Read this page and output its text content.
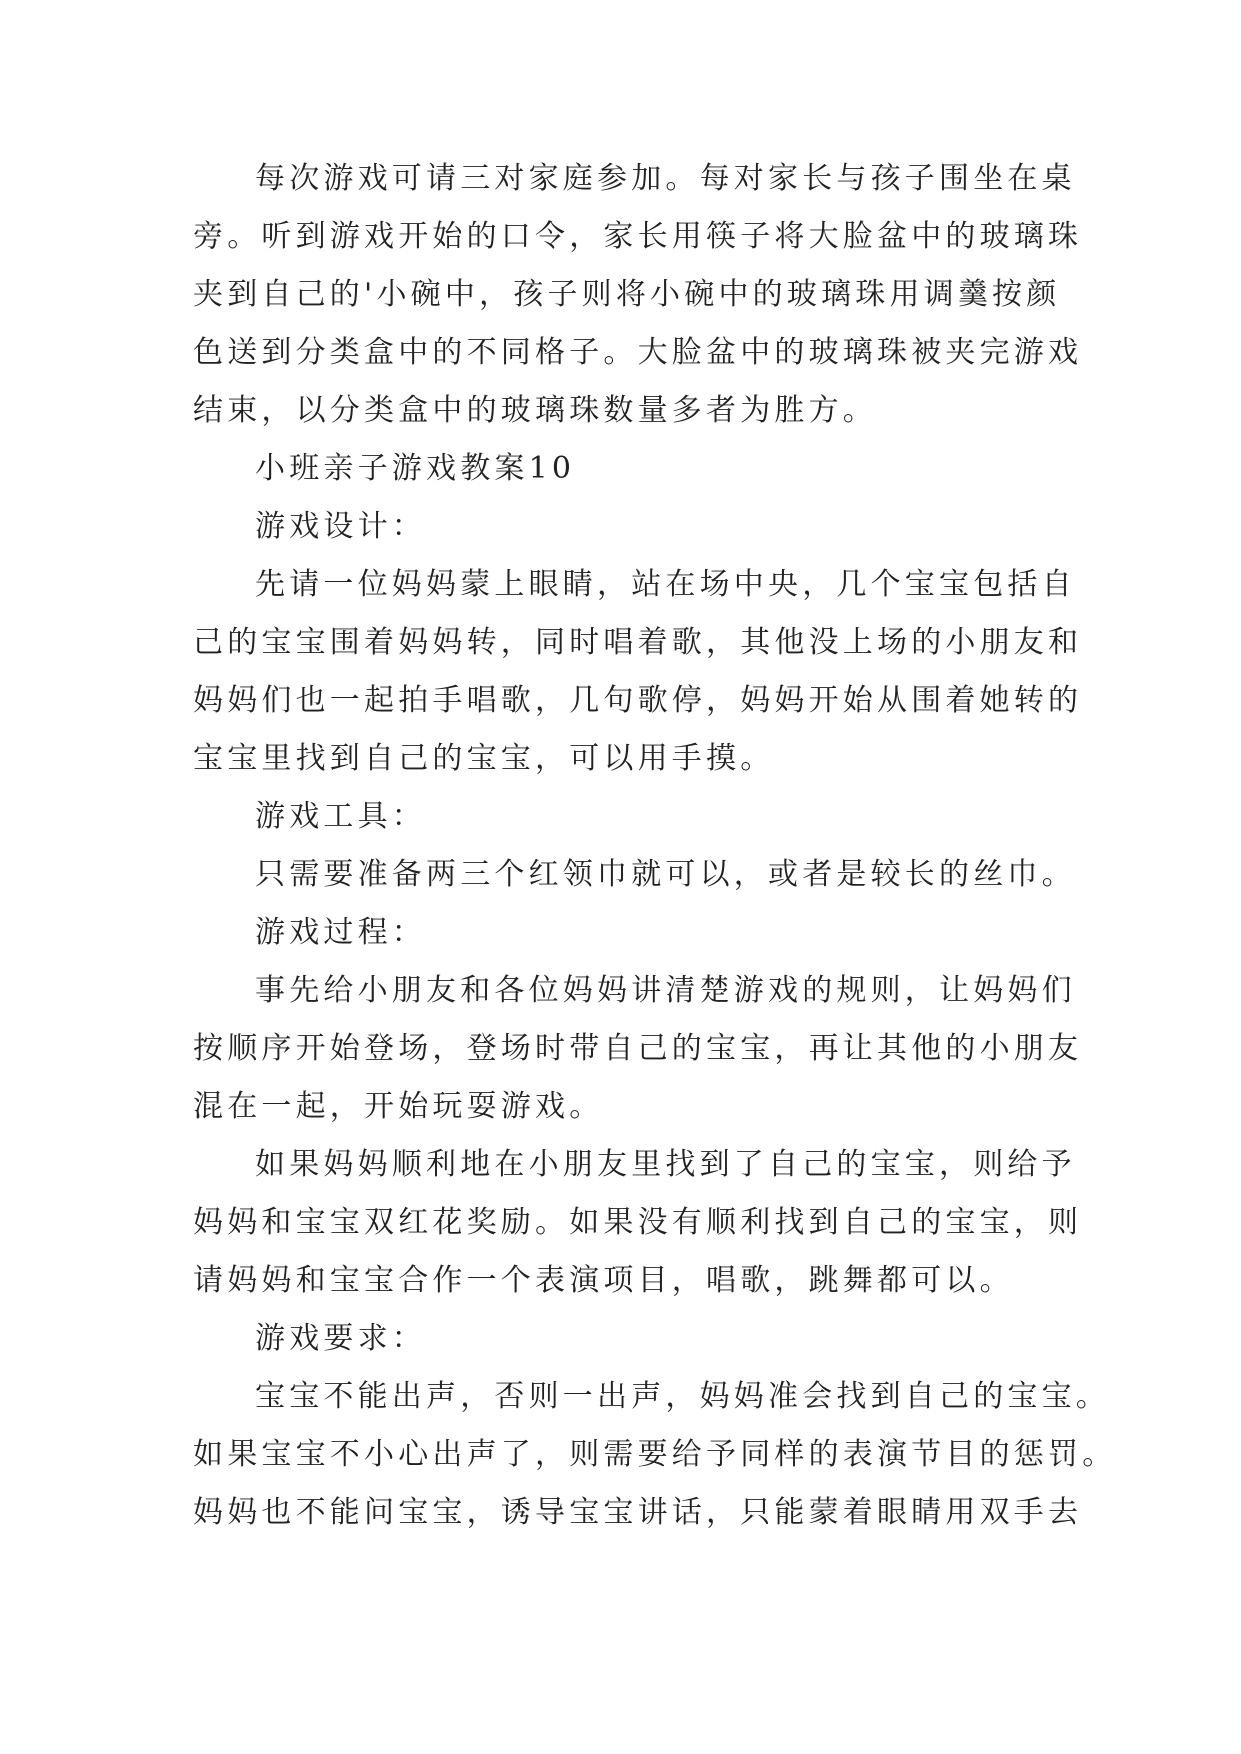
每次游戏可请三对家庭参加。每对家长与孩子围坐在桌
旁。听到游戏开始的口令，家长用筷子将大脸盆中的玻璃珠
夹到自己的'小碗中，孩子则将小碗中的玻璃珠用调羹按颜
色送到分类盒中的不同格子。大脸盆中的玻璃珠被夹完游戏
结束，以分类盒中的玻璃珠数量多者为胜方。
小班亲子游戏教案10
游戏设计：
先请一位妈妈蒙上眼睛，站在场中央，几个宝宝包括自
己的宝宝围着妈妈转，同时唱着歌，其他没上场的小朋友和
妈妈们也一起拍手唱歌，几句歌停，妈妈开始从围着她转的
宝宝里找到自己的宝宝，可以用手摸。
游戏工具：
只需要准备两三个红领巾就可以，或者是较长的丝巾。
游戏过程：
事先给小朋友和各位妈妈讲清楚游戏的规则，让妈妈们
按顺序开始登场，登场时带自己的宝宝，再让其他的小朋友
混在一起，开始玩耍游戏。
如果妈妈顺利地在小朋友里找到了自己的宝宝，则给予
妈妈和宝宝双红花奖励。如果没有顺利找到自己的宝宝，则
请妈妈和宝宝合作一个表演项目，唱歌，跳舞都可以。
游戏要求：
宝宝不能出声，否则一出声，妈妈准会找到自己的宝宝。
如果宝宝不小心出声了，则需要给予同样的表演节目的惩罚。
妈妈也不能问宝宝，诱导宝宝讲话，只能蒙着眼睛用双手去
